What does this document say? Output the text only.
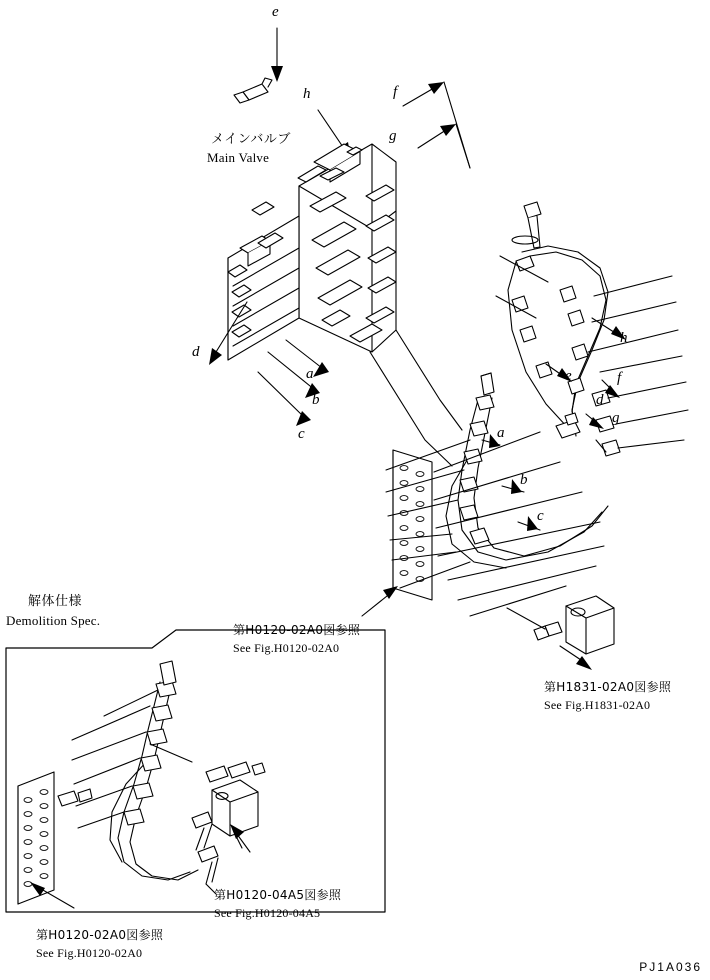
e
h	f
g
d
a
b
c
メインバルブ
Main Valve
h
e	f
d
g
a
b
c
第H0120-02A0図参照
See Fig.H0120-02A0
第H1831-02A0図参照
See Fig.H1831-02A0
解体仕様
Demolition Spec.
第H0120-04A5図参照
See Fig.H0120-04A5
第H0120-02A0図参照
See Fig.H0120-02A0
PJ1A036
